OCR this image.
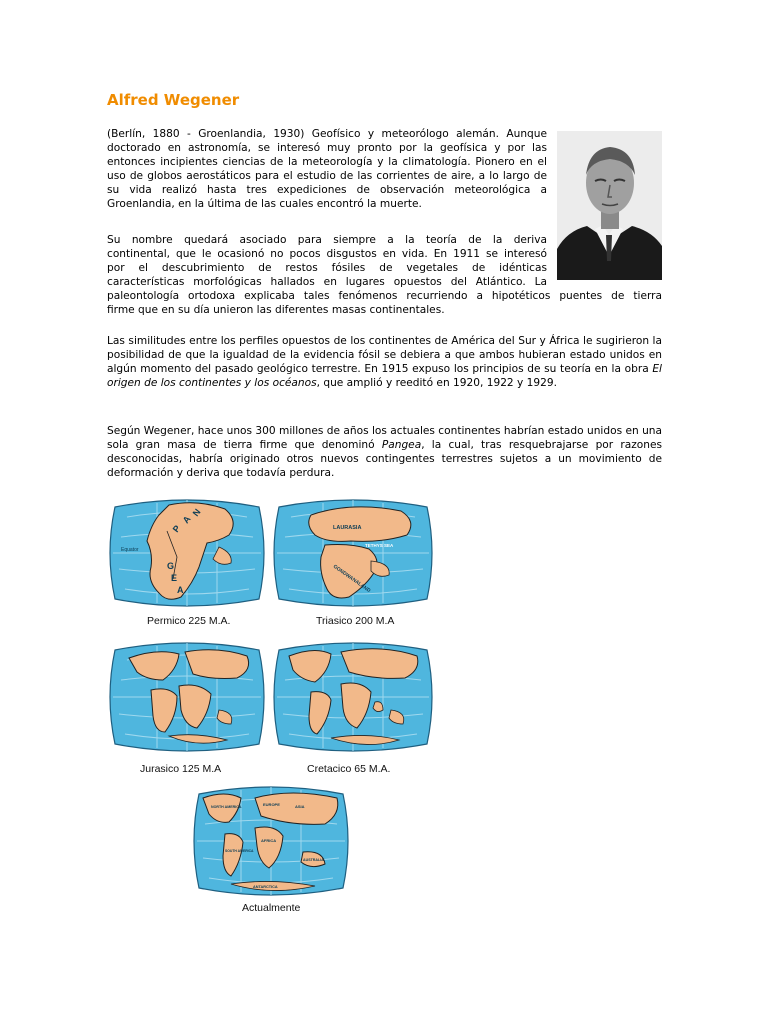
Alfred Wegener

(Berlín, 1880 - Groenlandia, 1930) Geofísico y meteorólogo alemán. Aunque doctorado en astronomía, se interesó muy pronto por la geofísica y por las entonces incipientes ciencias de la meteorología y la climatología. Pionero en el uso de globos aerostáticos para el estudio de las corrientes de aire, a lo largo de su vida realizó hasta tres expediciones de observación meteorológica a Groenlandia, en la última de las cuales encontró la muerte.

Su nombre quedará asociado para siempre a la teoría de la deriva
continental, que le ocasionó no pocos disgustos en vida. En 1911 se interesó
por el descubrimiento de restos fósiles de vegetales de idénticas
características morfológicas hallados en lugares opuestos del Atlántico. La
paleontología ortodoxa explicaba tales fenómenos recurriendo a hipotéticos puentes de tierra
firme que en su día unieron las diferentes masas continentales.

Las similitudes entre los perfiles opuestos de los continentes de América del Sur y África le sugirieron la posibilidad de que la igualdad de la evidencia fósil se debiera a que ambos hubieran estado unidos en algún momento del pasado geológico terrestre. En 1915 expuso los principios de su teoría en la obra El origen de los continentes y los océanos, que amplió y reeditó en 1920, 1922 y 1929.

Según Wegener, hace unos 300 millones de años los actuales continentes habrían estado unidos en una sola gran masa de tierra firme que denominó Pangea, la cual, tras resquebrajarse por razones desconocidas, habría originado otros nuevos contingentes terrestres sujetos a un movimiento de deformación y deriva que todavía perdura.

Equator
P
A
N
G
E
A
Permico 225 M.A.
LAURASIA
TETHYS SEA
GONDWANALAND
Triasico 200 M.A
Jurasico 125 M.A	Cretacico 65 M.A.
NORTH AMERICA	EUROPE	ASIA
AFRICA
SOUTH AMERICA
AUSTRALIA
ANTARCTICA
Actualmente
